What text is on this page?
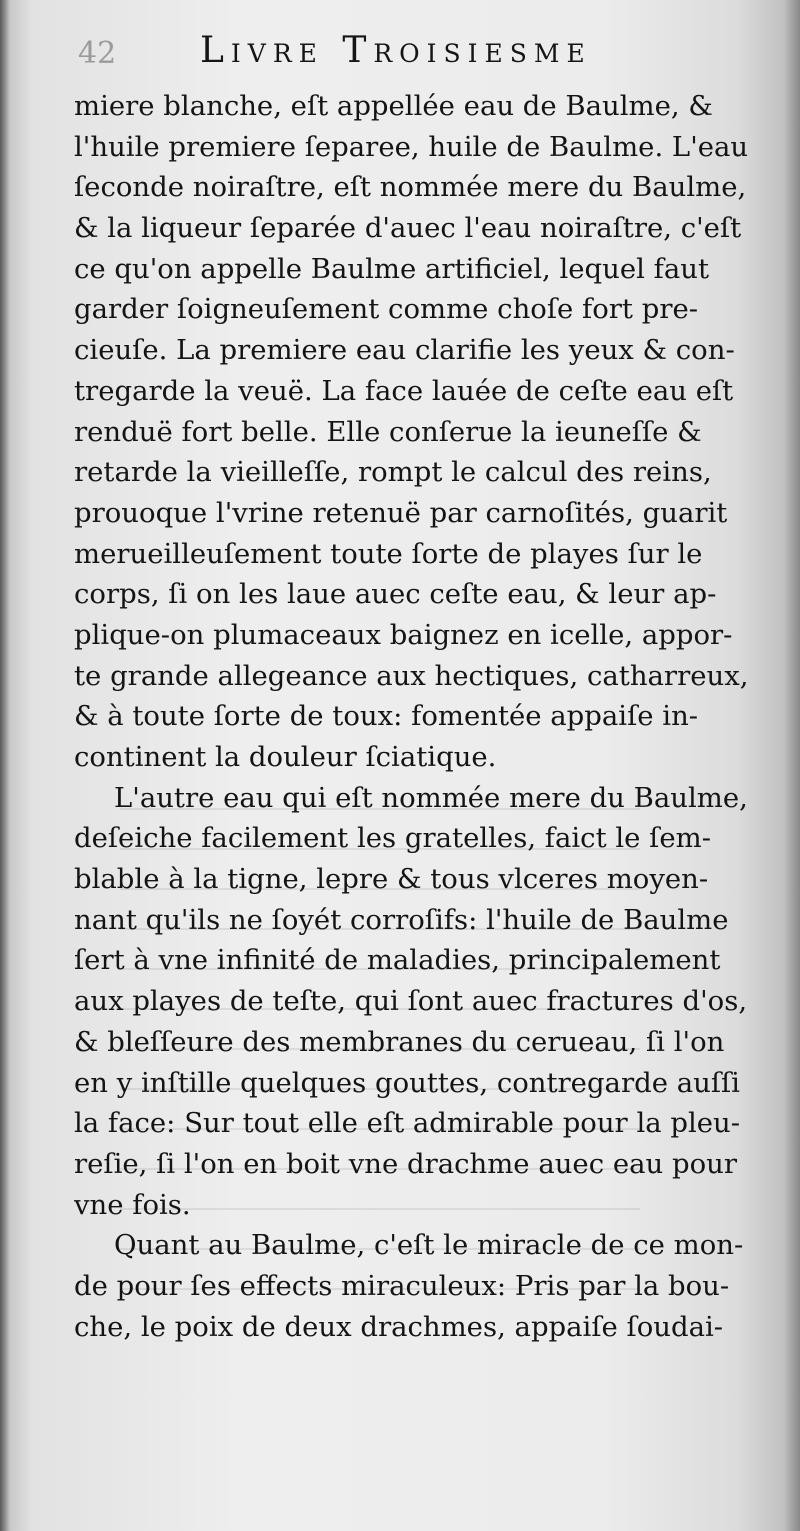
42 Livre Troisiesme
miere blanche, eſt appellée eau de Baulme, &
l'huile premiere ſeparee, huile de Baulme. L'eau
ſeconde noiraſtre, eſt nommée mere du Baulme,
& la liqueur ſeparée d'auec l'eau noiraſtre, c'eſt
ce qu'on appelle Baulme artificiel, lequel faut
garder ſoigneuſement comme choſe fort pre-
cieuſe. La premiere eau clarifie les yeux & con-
tregarde la veuë. La face lauée de ceſte eau eſt
renduë fort belle. Elle conſerue la ieuneſſe &
retarde la vieilleſſe, rompt le calcul des reins,
prouoque l'vrine retenuë par carnoſités, guarit
merueilleuſement toute ſorte de playes ſur le
corps, ſi on les laue auec ceſte eau, & leur ap-
plique-on plumaceaux baignez en icelle, appor-
te grande allegeance aux hectiques, catharreux,
& à toute ſorte de toux: fomentée appaiſe in-
continent la douleur ſciatique.
L'autre eau qui eſt nommée mere du Baulme,
deſeiche facilement les gratelles, faict le ſem-
blable à la tigne, lepre & tous vlceres moyen-
nant qu'ils ne ſoyét corroſifs: l'huile de Baulme
ſert à vne infinité de maladies, principalement
aux playes de teſte, qui ſont auec fractures d'os,
& bleſſeure des membranes du cerueau, ſi l'on
en y inſtille quelques gouttes, contregarde auſſi
la face: Sur tout elle eſt admirable pour la pleu-
reſie, ſi l'on en boit vne drachme auec eau pour
vne fois.
Quant au Baulme, c'eſt le miracle de ce mon-
de pour ſes effects miraculeux: Pris par la bou-
che, le poix de deux drachmes, appaiſe ſoudai-
